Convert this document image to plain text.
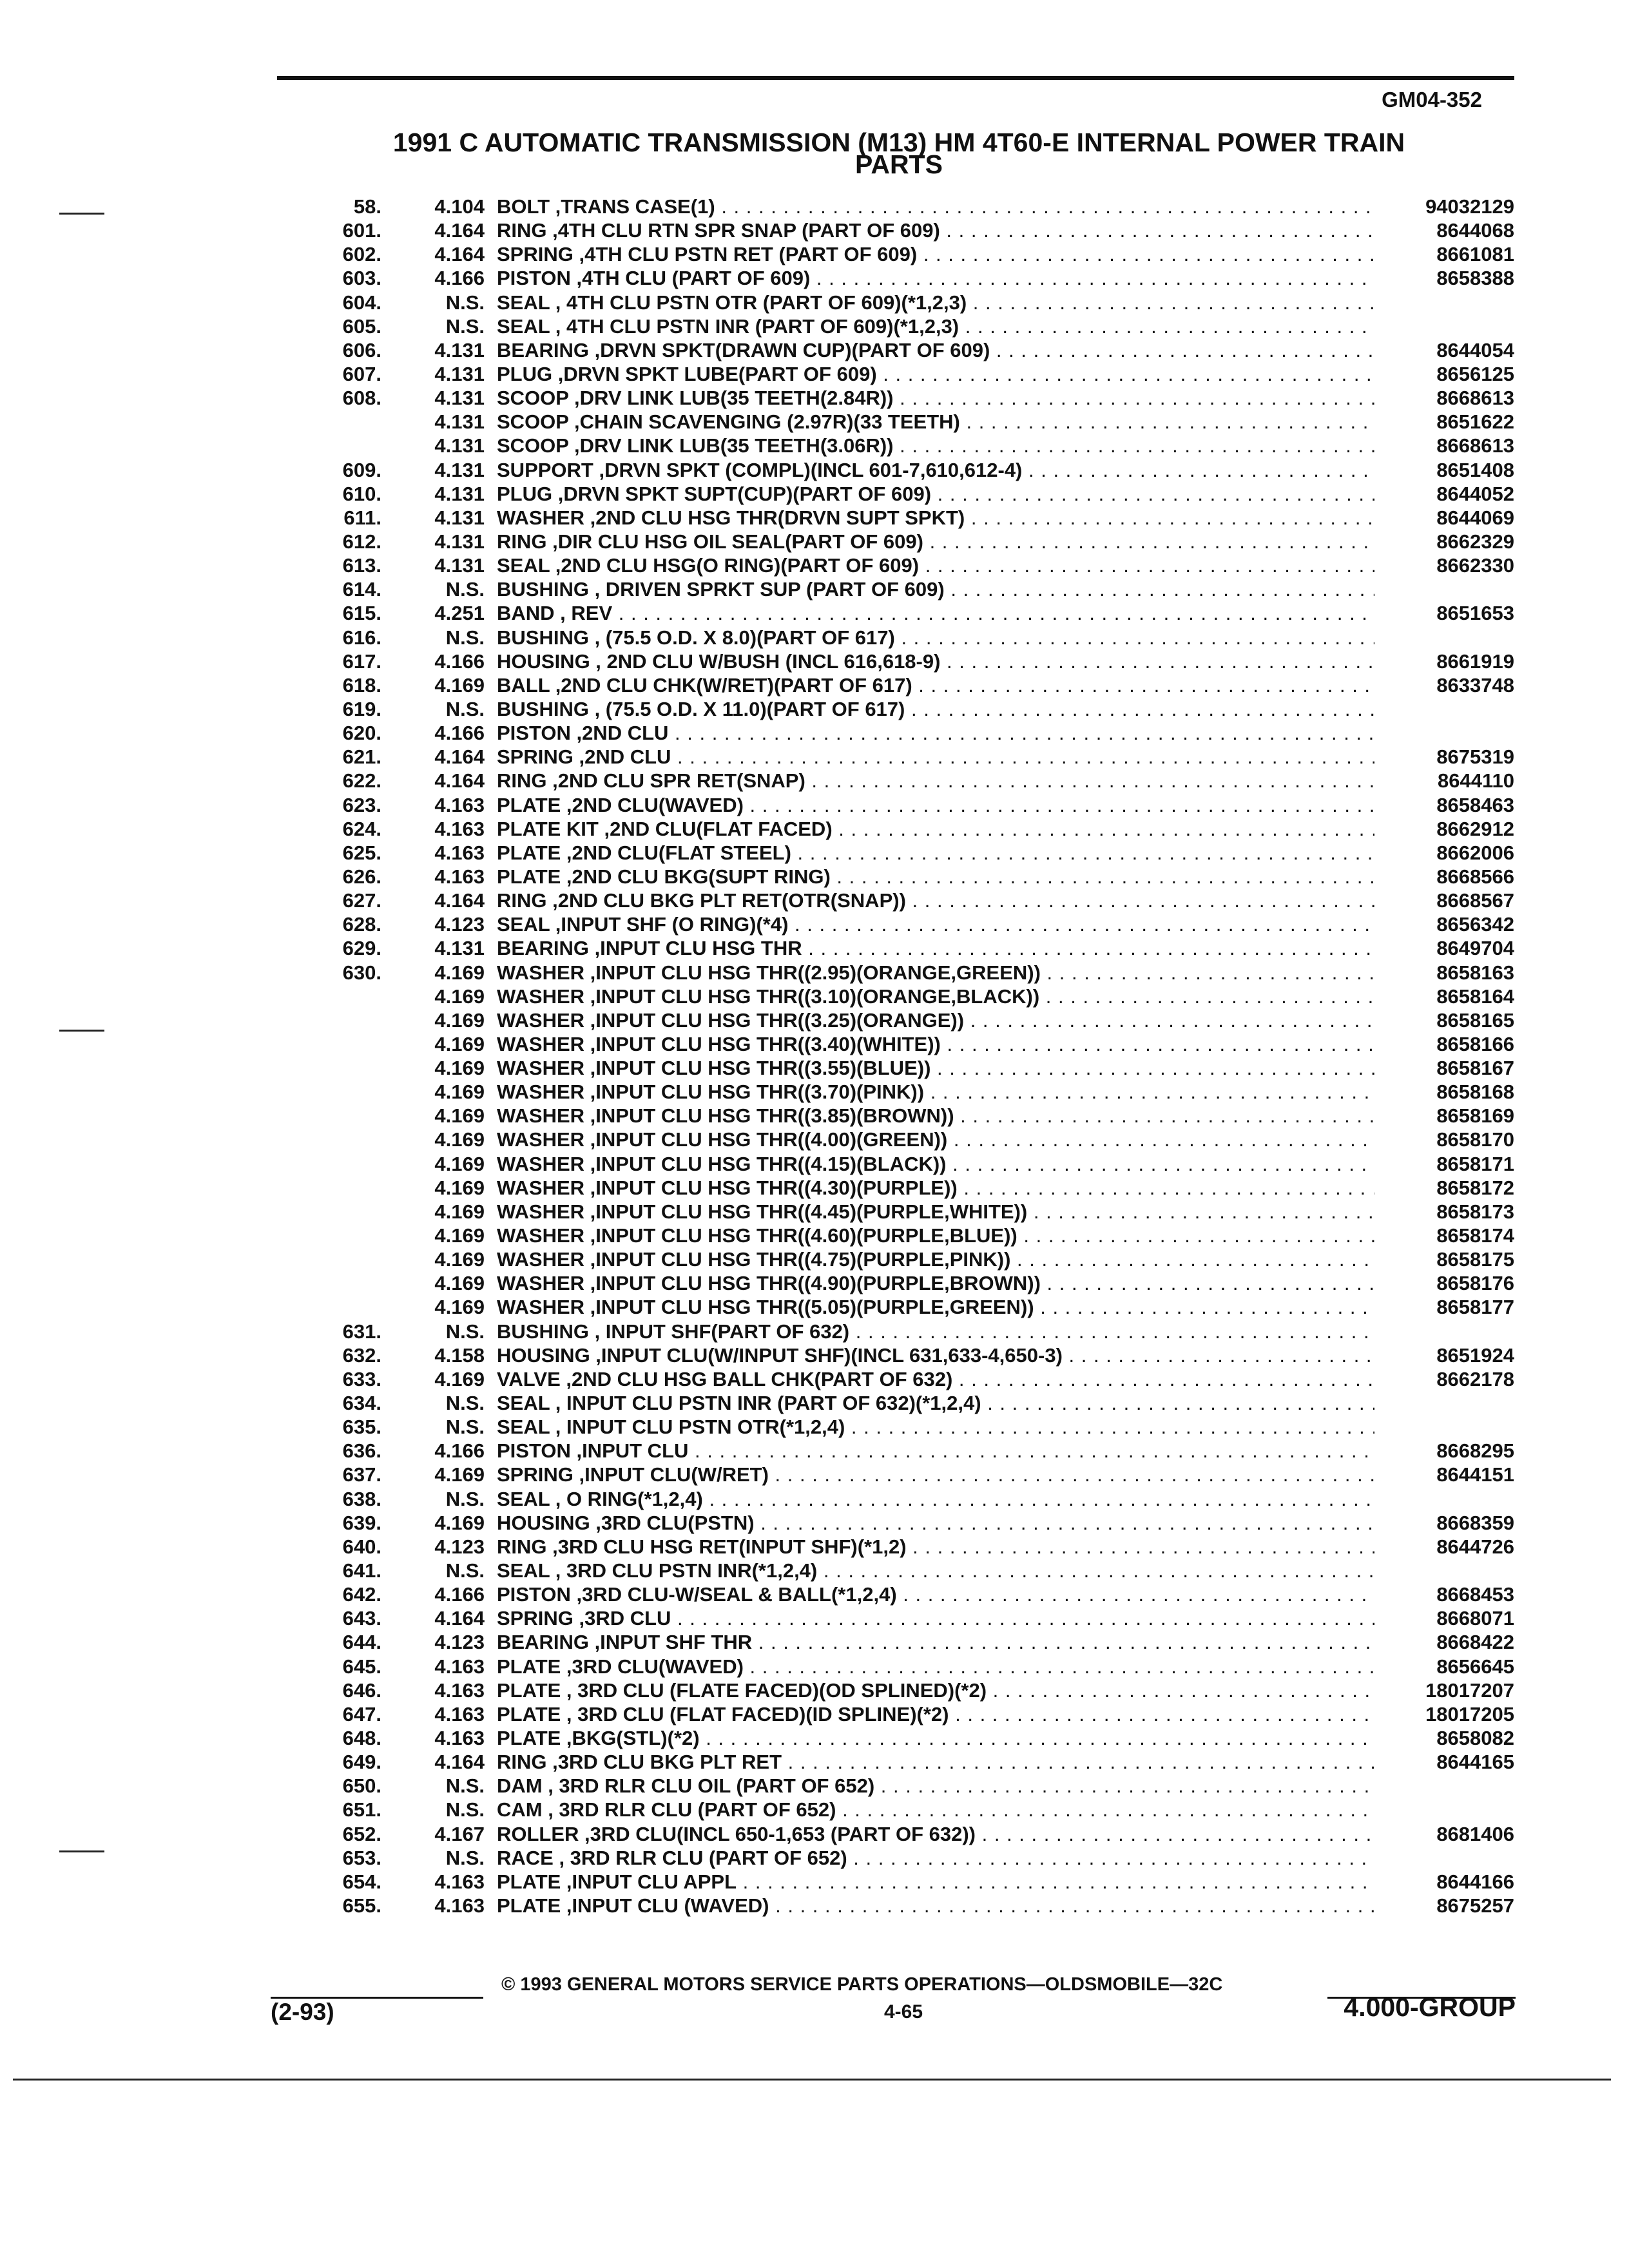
GM04-352
1991 C AUTOMATIC TRANSMISSION (M13) HM 4T60-E INTERNAL POWER TRAIN
PARTS
58.	4.104 BOLT ,TRANS CASE(1) . . .	94032129
601.	4.164 RING ,4TH CLU RTN SPR SNAP (PART OF 609) . . .	8644068
602.	4.164 SPRING ,4TH CLU PSTN RET (PART OF 609) . . .	8661081
603.	4.166 PISTON ,4TH CLU (PART OF 609) . . .	8658388
604.	N.S. SEAL , 4TH CLU PSTN OTR (PART OF 609)(*1,2,3) . . .
605.	N.S. SEAL , 4TH CLU PSTN INR (PART OF 609)(*1,2,3) . . .
606.	4.131 BEARING ,DRVN SPKT(DRAWN CUP)(PART OF 609) . . .	8644054
607.	4.131 PLUG ,DRVN SPKT LUBE(PART OF 609) . . .	8656125
608.	4.131 SCOOP ,DRV LINK LUB(35 TEETH(2.84R)) . . .	8668613
4.131 SCOOP ,CHAIN SCAVENGING (2.97R)(33 TEETH) . . .	8651622
4.131 SCOOP ,DRV LINK LUB(35 TEETH(3.06R)) . . .	8668613
609.	4.131 SUPPORT ,DRVN SPKT (COMPL)(INCL 601-7,610,612-4) . . .	8651408
610.	4.131 PLUG ,DRVN SPKT SUPT(CUP)(PART OF 609) . . .	8644052
611.	4.131 WASHER ,2ND CLU HSG THR(DRVN SUPT SPKT) . . .	8644069
612.	4.131 RING ,DIR CLU HSG OIL SEAL(PART OF 609) . . .	8662329
613.	4.131 SEAL ,2ND CLU HSG(O RING)(PART OF 609) . . .	8662330
614.	N.S. BUSHING , DRIVEN SPRKT SUP (PART OF 609) . . .
615.	4.251 BAND , REV . . .	8651653
616.	N.S. BUSHING , (75.5 O.D. X 8.0)(PART OF 617) . . .
617.	4.166 HOUSING , 2ND CLU W/BUSH (INCL 616,618-9) . . .	8661919
618.	4.169 BALL ,2ND CLU CHK(W/RET)(PART OF 617) . . .	8633748
619.	N.S. BUSHING , (75.5 O.D. X 11.0)(PART OF 617) . . .
620.	4.166 PISTON ,2ND CLU . . .
621.	4.164 SPRING ,2ND CLU . . .	8675319
622.	4.164 RING ,2ND CLU SPR RET(SNAP) . . .	8644110
623.	4.163 PLATE ,2ND CLU(WAVED) . . .	8658463
624.	4.163 PLATE KIT ,2ND CLU(FLAT FACED) . . .	8662912
625.	4.163 PLATE ,2ND CLU(FLAT STEEL) . . .	8662006
626.	4.163 PLATE ,2ND CLU BKG(SUPT RING) . . .	8668566
627.	4.164 RING ,2ND CLU BKG PLT RET(OTR(SNAP)) . . .	8668567
628.	4.123 SEAL ,INPUT SHF (O RING)(*4) . . .	8656342
629.	4.131 BEARING ,INPUT CLU HSG THR . . .	8649704
630.	4.169 WASHER ,INPUT CLU HSG THR((2.95)(ORANGE,GREEN)) . . .	8658163
4.169 WASHER ,INPUT CLU HSG THR((3.10)(ORANGE,BLACK)) . . .	8658164
4.169 WASHER ,INPUT CLU HSG THR((3.25)(ORANGE)) . . .	8658165
4.169 WASHER ,INPUT CLU HSG THR((3.40)(WHITE)) . . .	8658166
4.169 WASHER ,INPUT CLU HSG THR((3.55)(BLUE)) . . .	8658167
4.169 WASHER ,INPUT CLU HSG THR((3.70)(PINK)) . . .	8658168
4.169 WASHER ,INPUT CLU HSG THR((3.85)(BROWN)) . . .	8658169
4.169 WASHER ,INPUT CLU HSG THR((4.00)(GREEN)) . . .	8658170
4.169 WASHER ,INPUT CLU HSG THR((4.15)(BLACK)) . . .	8658171
4.169 WASHER ,INPUT CLU HSG THR((4.30)(PURPLE)) . . .	8658172
4.169 WASHER ,INPUT CLU HSG THR((4.45)(PURPLE,WHITE)) . . .	8658173
4.169 WASHER ,INPUT CLU HSG THR((4.60)(PURPLE,BLUE)) . . .	8658174
4.169 WASHER ,INPUT CLU HSG THR((4.75)(PURPLE,PINK)) . . .	8658175
4.169 WASHER ,INPUT CLU HSG THR((4.90)(PURPLE,BROWN)) . . .	8658176
4.169 WASHER ,INPUT CLU HSG THR((5.05)(PURPLE,GREEN)) . . .	8658177
631.	N.S. BUSHING , INPUT SHF(PART OF 632) . . .
632.	4.158 HOUSING ,INPUT CLU(W/INPUT SHF)(INCL 631,633-4,650-3) . . .	8651924
633.	4.169 VALVE ,2ND CLU HSG BALL CHK(PART OF 632) . . .	8662178
634.	N.S. SEAL , INPUT CLU PSTN INR (PART OF 632)(*1,2,4) . . .
635.	N.S. SEAL , INPUT CLU PSTN OTR(*1,2,4) . . .
636.	4.166 PISTON ,INPUT CLU . . .	8668295
637.	4.169 SPRING ,INPUT CLU(W/RET) . . .	8644151
638.	N.S. SEAL , O RING(*1,2,4) . . .
639.	4.169 HOUSING ,3RD CLU(PSTN) . . .	8668359
640.	4.123 RING ,3RD CLU HSG RET(INPUT SHF)(*1,2) . . .	8644726
641.	N.S. SEAL , 3RD CLU PSTN INR(*1,2,4) . . .
642.	4.166 PISTON ,3RD CLU-W/SEAL & BALL(*1,2,4) . . .	8668453
643.	4.164 SPRING ,3RD CLU . . .	8668071
644.	4.123 BEARING ,INPUT SHF THR . . .	8668422
645.	4.163 PLATE ,3RD CLU(WAVED) . . .	8656645
646.	4.163 PLATE , 3RD CLU (FLATE FACED)(OD SPLINED)(*2) . . .	18017207
647.	4.163 PLATE , 3RD CLU (FLAT FACED)(ID SPLINE)(*2) . . .	18017205
648.	4.163 PLATE ,BKG(STL)(*2) . . .	8658082
649.	4.164 RING ,3RD CLU BKG PLT RET . . .	8644165
650.	N.S. DAM , 3RD RLR CLU OIL (PART OF 652) . . .
651.	N.S. CAM , 3RD RLR CLU (PART OF 652) . . .
652.	4.167 ROLLER ,3RD CLU(INCL 650-1,653 (PART OF 632)) . . .	8681406
653.	N.S. RACE , 3RD RLR CLU (PART OF 652) . . .
654.	4.163 PLATE ,INPUT CLU APPL . . .	8644166
655.	4.163 PLATE ,INPUT CLU (WAVED) . . .	8675257
© 1993 GENERAL MOTORS SERVICE PARTS OPERATIONS—OLDSMOBILE—32C
(2-93)	4-65	4.000-GROUP
